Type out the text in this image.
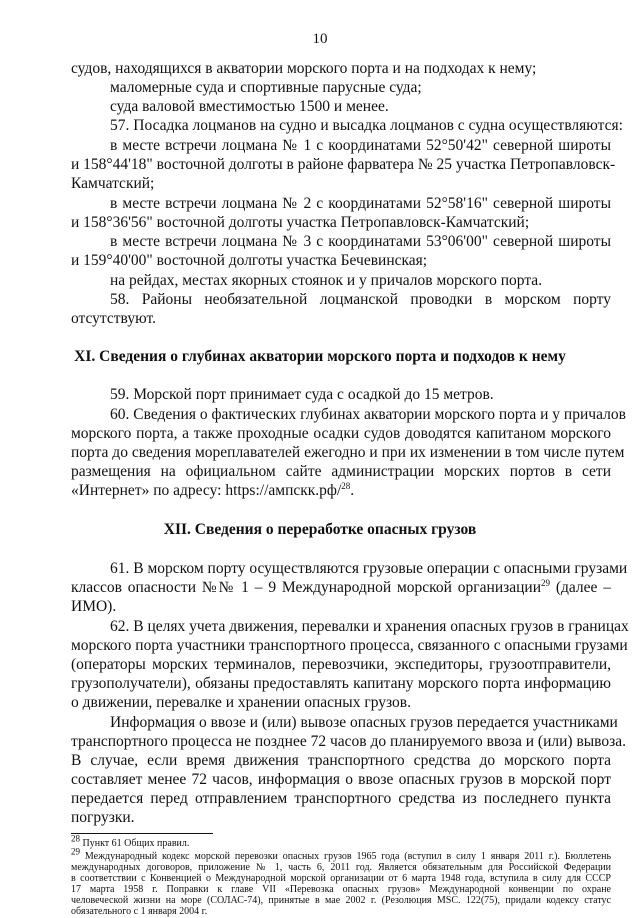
10
судов, находящихся в акватории морского порта и на подходах к нему;
маломерные суда и спортивные парусные суда;
суда валовой вместимостью 1500 и менее.
57. Посадка лоцманов на судно и высадка лоцманов с судна осуществляются:
в месте встречи лоцмана № 1 с координатами 52°50'42" северной широты
и 158°44'18" восточной долготы в районе фарватера № 25 участка Петропавловск-
Камчатский;
в месте встречи лоцмана № 2 с координатами 52°58'16" северной широты
и 158°36'56" восточной долготы участка Петропавловск-Камчатский;
в месте встречи лоцмана № 3 с координатами 53°06'00" северной широты
и 159°40'00" восточной долготы участка Бечевинская;
на рейдах, местах якорных стоянок и у причалов морского порта.
58. Районы необязательной лоцманской проводки в морском порту
отсутствуют.
XI. Сведения о глубинах акватории морского порта и подходов к нему
59. Морской порт принимает суда с осадкой до 15 метров.
60. Сведения о фактических глубинах акватории морского порта и у причалов
морского порта, а также проходные осадки судов доводятся капитаном морского
порта до сведения мореплавателей ежегодно и при их изменении в том числе путем
размещения на официальном сайте администрации морских портов в сети
«Интернет» по адресу: https://ампскк.рф/$^{28}$.
XII. Сведения о переработке опасных грузов
61. В морском порту осуществляются грузовые операции с опасными грузами
классов опасности №№ 1 – 9 Международной морской организации$^{29}$ (далее –
ИМО).
62. В целях учета движения, перевалки и хранения опасных грузов в границах
морского порта участники транспортного процесса, связанного с опасными грузами
(операторы морских терминалов, перевозчики, экспедиторы, грузоотправители,
грузополучатели), обязаны предоставлять капитану морского порта информацию
о движении, перевалке и хранении опасных грузов.
Информация о ввозе и (или) вывозе опасных грузов передается участниками
транспортного процесса не позднее 72 часов до планируемого ввоза и (или) вывоза.
В случае, если время движения транспортного средства до морского порта
составляет менее 72 часов, информация о ввозе опасных грузов в морской порт
передается перед отправлением транспортного средства из последнего пункта
погрузки.
$^{28}$ Пункт 61 Общих правил.
$^{29}$ Международный кодекс морской перевозки опасных грузов 1965 года (вступил в силу 1 января 2011 г.). Бюллетень
международных договоров, приложение № 1, часть 6, 2011 год. Является обязательным для Российской Федерации
в соответствии с Конвенцией о Международной морской организации от 6 марта 1948 года, вступила в силу для СССР
17 марта 1958 г. Поправки к главе VII «Перевозка опасных грузов» Международной конвенции по охране
человеческой жизни на море (СОЛАС-74), принятые в мае 2002 г. (Резолюция MSC. 122(75), придали кодексу статус
обязательного с 1 января 2004 г.
